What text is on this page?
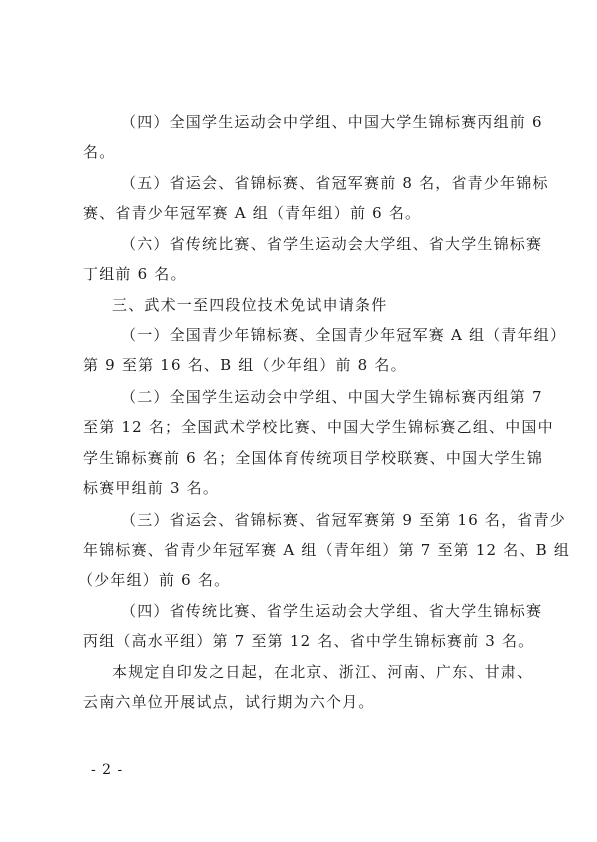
（四）全国学生运动会中学组、中国大学生锦标赛丙组前 6
名。
（五）省运会、省锦标赛、省冠军赛前 8 名，省青少年锦标
赛、省青少年冠军赛 A 组（青年组）前 6 名。
（六）省传统比赛、省学生运动会大学组、省大学生锦标赛
丁组前 6 名。
三、武术一至四段位技术免试申请条件
（一）全国青少年锦标赛、全国青少年冠军赛 A 组（青年组）
第 9 至第 16 名、B 组（少年组）前 8 名。
（二）全国学生运动会中学组、中国大学生锦标赛丙组第 7
至第 12 名；全国武术学校比赛、中国大学生锦标赛乙组、中国中
学生锦标赛前 6 名；全国体育传统项目学校联赛、中国大学生锦
标赛甲组前 3 名。
（三）省运会、省锦标赛、省冠军赛第 9 至第 16 名，省青少
年锦标赛、省青少年冠军赛 A 组（青年组）第 7 至第 12 名、B 组
（少年组）前 6 名。
（四）省传统比赛、省学生运动会大学组、省大学生锦标赛
丙组（高水平组）第 7 至第 12 名、省中学生锦标赛前 3 名。
本规定自印发之日起，在北京、浙江、河南、广东、甘肃、
云南六单位开展试点，试行期为六个月。
- 2 -
